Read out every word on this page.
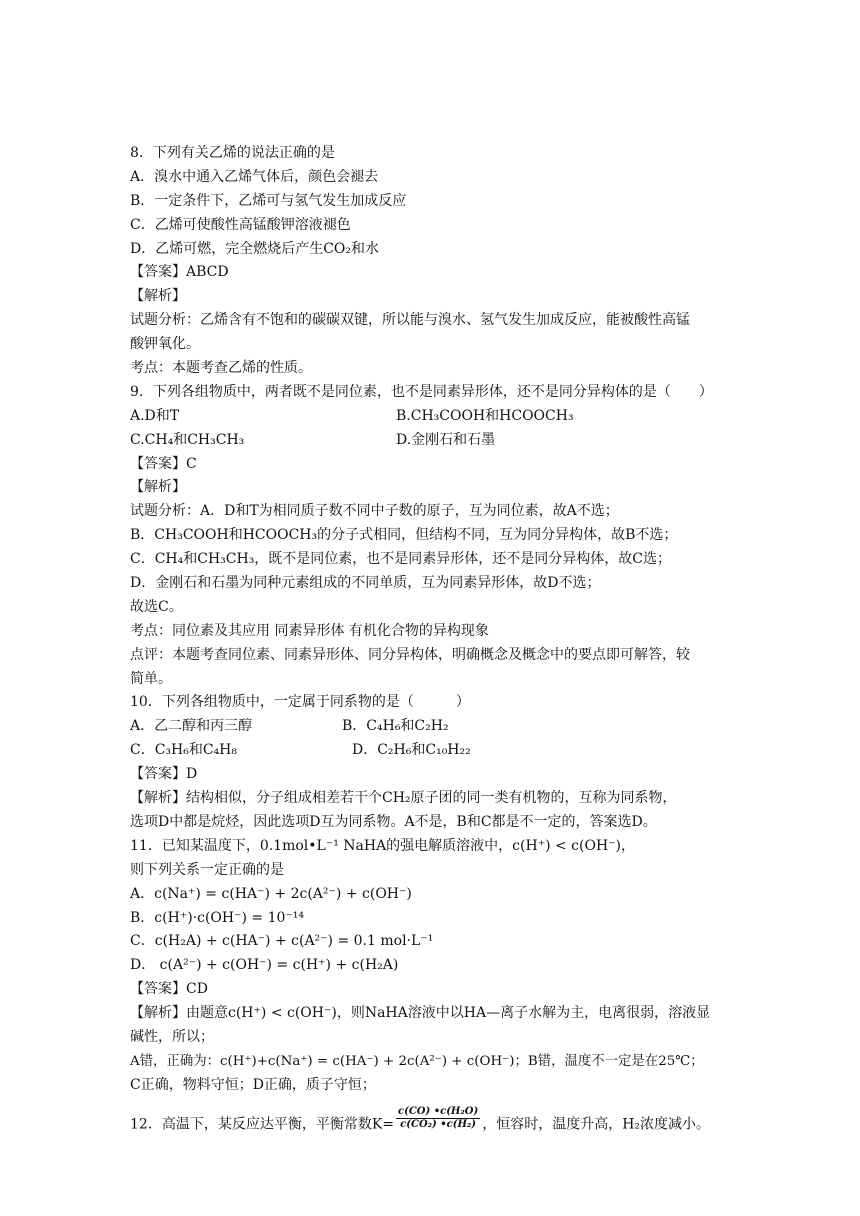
8．下列有关乙烯的说法正确的是
A．溴水中通入乙烯气体后，颜色会褪去
B．一定条件下，乙烯可与氢气发生加成反应
C．乙烯可使酸性高锰酸钾溶液褪色
D．乙烯可燃，完全燃烧后产生CO₂和水
【答案】ABCD
【解析】
试题分析：乙烯含有不饱和的碳碳双键，所以能与溴水、氢气发生加成反应，能被酸性高锰
酸钾氧化。
考点：本题考查乙烯的性质。
9．下列各组物质中，两者既不是同位素，也不是同素异形体，还不是同分异构体的是（　　）
A.D和T	B.CH₃COOH和HCOOCH₃
C.CH₄和CH₃CH₃	D.金刚石和石墨
【答案】C
【解析】
试题分析：A．D和T为相同质子数不同中子数的原子，互为同位素，故A不选；
B．CH₃COOH和HCOOCH₃的分子式相同，但结构不同，互为同分异构体，故B不选；
C．CH₄和CH₃CH₃，既不是同位素，也不是同素异形体，还不是同分异构体，故C选；
D．金刚石和石墨为同种元素组成的不同单质，互为同素异形体，故D不选；
故选C。
考点：同位素及其应用 同素异形体 有机化合物的异构现象
点评：本题考查同位素、同素异形体、同分异构体，明确概念及概念中的要点即可解答，较
简单。
10．下列各组物质中，一定属于同系物的是（　　　）
A．乙二醇和丙三醇	B．C₄H₆和C₂H₂
C．C₃H₆和C₄H₈	D．C₂H₆和C₁₀H₂₂
【答案】D
【解析】结构相似，分子组成相差若干个CH₂原子团的同一类有机物的，互称为同系物，
选项D中都是烷烃，因此选项D互为同系物。A不是，B和C都是不一定的，答案选D。
11．已知某温度下，0.1mol•L⁻¹ NaHA的强电解质溶液中，c(H⁺) < c(OH⁻)，
则下列关系一定正确的是
A．c(Na⁺) = c(HA⁻) + 2c(A²⁻) + c(OH⁻)
B．c(H⁺)·c(OH⁻) = 10⁻¹⁴
C．c(H₂A) + c(HA⁻) + c(A²⁻) = 0.1 mol·L⁻¹
D． c(A²⁻) + c(OH⁻) = c(H⁺) + c(H₂A)
【答案】CD
【解析】由题意c(H⁺) < c(OH⁻)，则NaHA溶液中以HA—离子水解为主，电离很弱，溶液显
碱性，所以；
A错，正确为：c(H⁺)+c(Na⁺) = c(HA⁻) + 2c(A²⁻) + c(OH⁻)；B错，温度不一定是在25℃；
C正确，物料守恒；D正确，质子守恒；
12．高温下，某反应达平衡，平衡常数$K= \frac{\text{c(CO) •c(H₂O)}}{\text{c(CO₂) •c(H₂)}}$ ，恒容时，温度升高，H₂浓度减小。
